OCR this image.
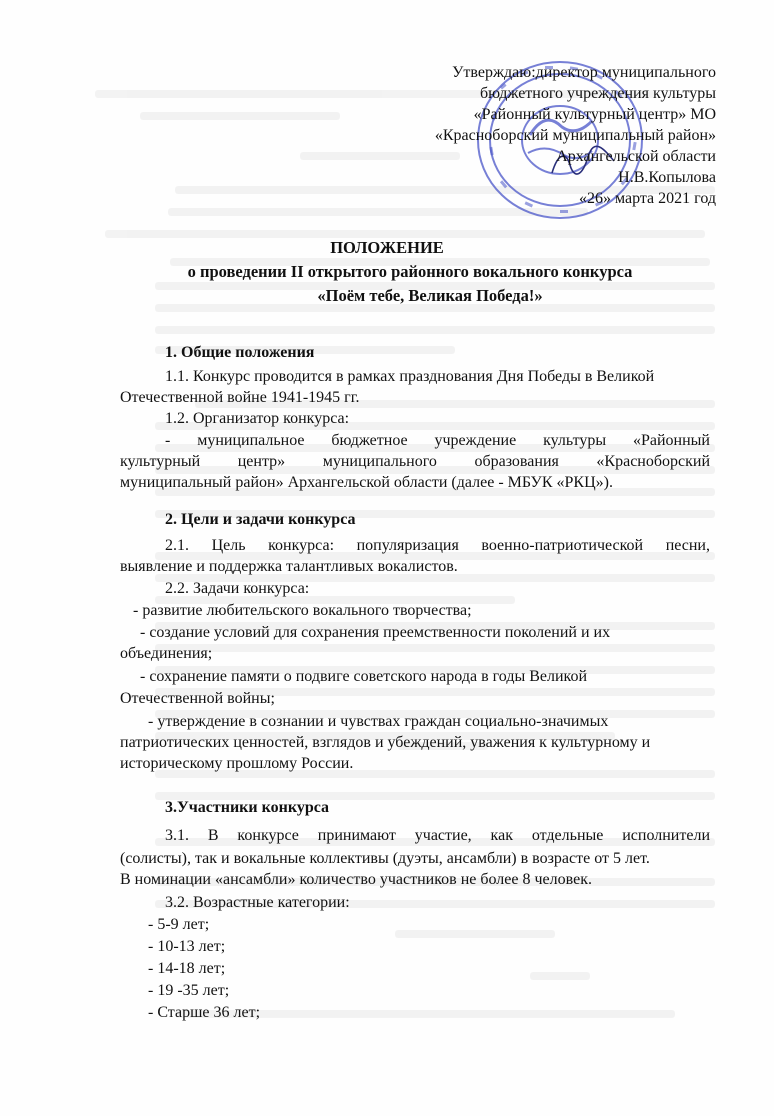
Утверждаю:директор муниципального
бюджетного учреждения культуры
«Районный культурный центр» МО
«Красноборский муниципальный район»
Архангельской области
Н.В.Копылова
«26» марта 2021 год
ПОЛОЖЕНИЕ
о проведении II открытого районного вокального конкурса
«Поём тебе, Великая Победа!»
1. Общие положения
1.1. Конкурс проводится в рамках празднования Дня Победы в Великой
Отечественной войне 1941-1945 гг.
1.2. Организатор конкурса:
- муниципальное бюджетное учреждение культуры «Районный
культурный центр» муниципального образования «Красноборский
муниципальный район» Архангельской области (далее - МБУК «РКЦ»).
2. Цели и задачи конкурса
2.1. Цель конкурса: популяризация военно-патриотической песни,
выявление и поддержка талантливых вокалистов.
2.2. Задачи конкурса:
- развитие любительского вокального творчества;
- создание условий для сохранения преемственности поколений и их
объединения;
- сохранение памяти о подвиге советского народа в годы Великой
Отечественной войны;
- утверждение в сознании и чувствах граждан социально-значимых
патриотических ценностей, взглядов и убеждений, уважения к культурному и
историческому прошлому России.
3.Участники конкурса
3.1. В конкурсе принимают участие, как отдельные исполнители
(солисты), так и вокальные коллективы (дуэты, ансамбли) в возрасте от 5 лет.
В номинации «ансамбли» количество участников не более 8 человек.
3.2. Возрастные категории:
- 5-9 лет;
- 10-13 лет;
- 14-18 лет;
- 19 -35 лет;
- Старше 36 лет;
